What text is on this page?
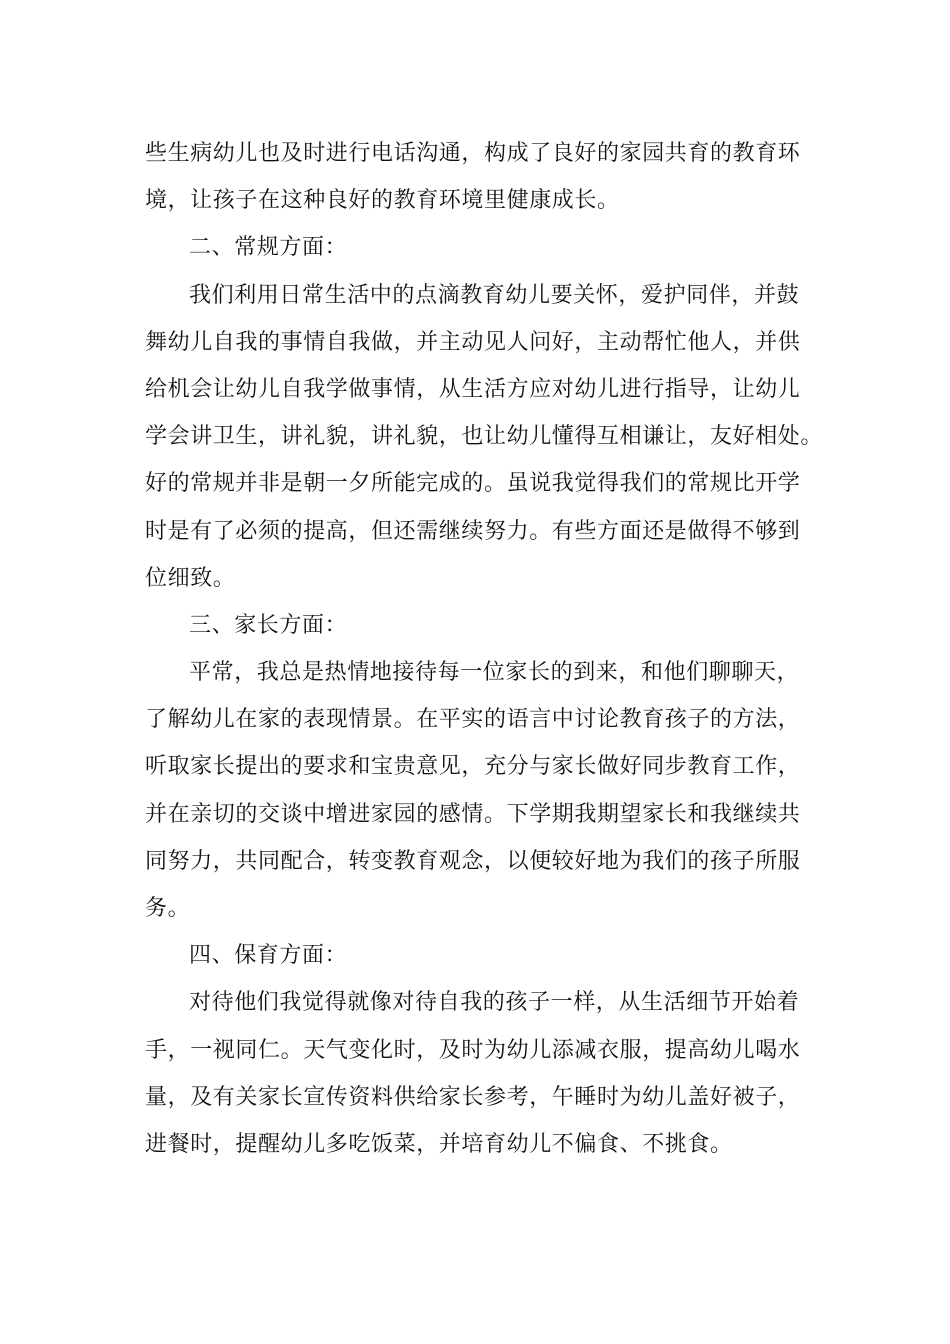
些生病幼儿也及时进行电话沟通，构成了良好的家园共育的教育环
境，让孩子在这种良好的教育环境里健康成长。
二、常规方面：
我们利用日常生活中的点滴教育幼儿要关怀，爱护同伴，并鼓
舞幼儿自我的事情自我做，并主动见人问好，主动帮忙他人，并供
给机会让幼儿自我学做事情，从生活方应对幼儿进行指导，让幼儿
学会讲卫生，讲礼貌，讲礼貌，也让幼儿懂得互相谦让，友好相处。
好的常规并非是朝一夕所能完成的。虽说我觉得我们的常规比开学
时是有了必须的提高，但还需继续努力。有些方面还是做得不够到
位细致。
三、家长方面：
平常，我总是热情地接待每一位家长的到来，和他们聊聊天，
了解幼儿在家的表现情景。在平实的语言中讨论教育孩子的方法，
听取家长提出的要求和宝贵意见，充分与家长做好同步教育工作，
并在亲切的交谈中增进家园的感情。下学期我期望家长和我继续共
同努力，共同配合，转变教育观念，以便较好地为我们的孩子所服
务。
四、保育方面：
对待他们我觉得就像对待自我的孩子一样，从生活细节开始着
手，一视同仁。天气变化时，及时为幼儿添减衣服，提高幼儿喝水
量，及有关家长宣传资料供给家长参考，午睡时为幼儿盖好被子，
进餐时，提醒幼儿多吃饭菜，并培育幼儿不偏食、不挑食。
